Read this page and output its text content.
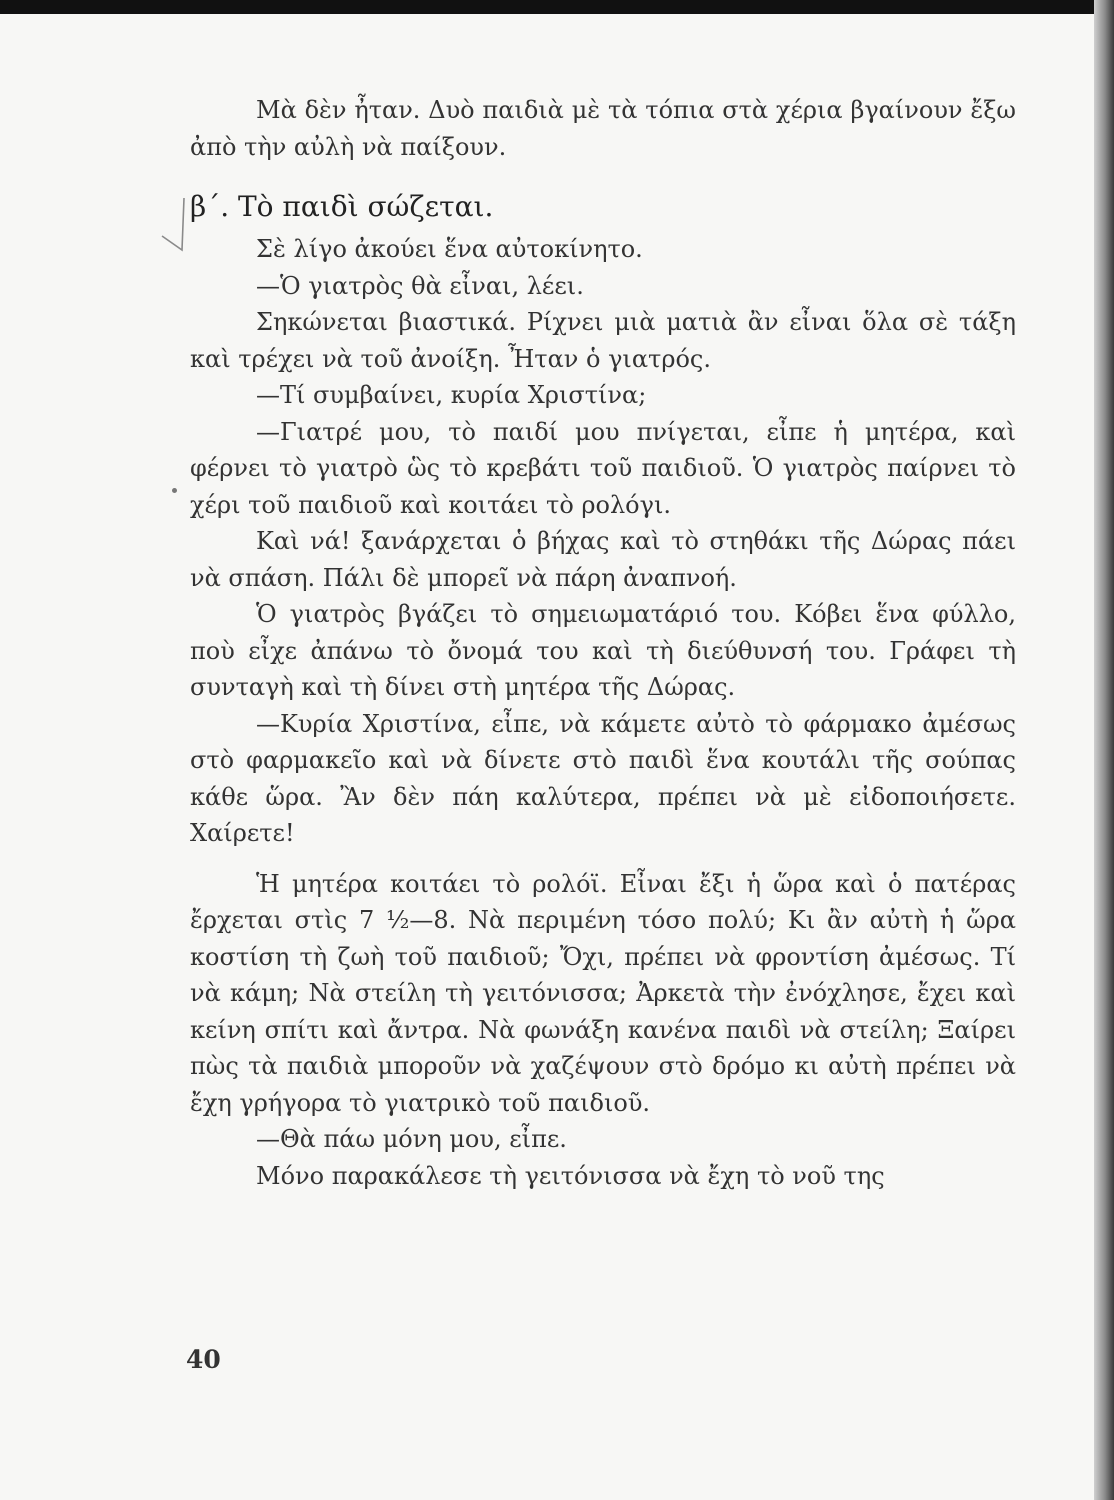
Μὰ δὲν ἦταν. Δυὸ παιδιὰ μὲ τὰ τόπια στὰ χέρια βγαίνουν ἔξω ἀπὸ τὴν αὐλὴ νὰ παίξουν.

β΄. Τὸ παιδὶ σώζεται.

Σὲ λίγο ἀκούει ἕνα αὐτοκίνητο.

—Ὁ γιατρὸς θὰ εἶναι, λέει.

Σηκώνεται βιαστικά. Ρίχνει μιὰ ματιὰ ἂν εἶναι ὅλα σὲ τάξη καὶ τρέχει νὰ τοῦ ἀνοίξη. Ἦταν ὁ γιατρός.

—Τί συμβαίνει, κυρία Χριστίνα;

—Γιατρέ μου, τὸ παιδί μου πνίγεται, εἶπε ἡ μητέρα, καὶ φέρνει τὸ γιατρὸ ὣς τὸ κρεβάτι τοῦ παιδιοῦ. Ὁ γιατρὸς παίρνει τὸ χέρι τοῦ παιδιοῦ καὶ κοιτάει τὸ ρολόγι.

Καὶ νά! ξανάρχεται ὁ βήχας καὶ τὸ στηθάκι τῆς Δώρας πάει νὰ σπάση. Πάλι δὲ μπορεῖ νὰ πάρη ἀναπνοή.

Ὁ γιατρὸς βγάζει τὸ σημειωματάριό του. Κόβει ἕνα φύλλο, ποὺ εἶχε ἀπάνω τὸ ὄνομά του καὶ τὴ διεύθυνσή του. Γράφει τὴ συνταγὴ καὶ τὴ δίνει στὴ μητέρα τῆς Δώρας.

—Κυρία Χριστίνα, εἶπε, νὰ κάμετε αὐτὸ τὸ φάρμακο ἀμέσως στὸ φαρμακεῖο καὶ νὰ δίνετε στὸ παιδὶ ἕνα κουτάλι τῆς σούπας κάθε ὥρα. Ἂν δὲν πάη καλύτερα, πρέπει νὰ μὲ εἰδοποιήσετε. Χαίρετε!

Ἡ μητέρα κοιτάει τὸ ρολόϊ. Εἶναι ἔξι ἡ ὥρα καὶ ὁ πατέρας ἔρχεται στὶς 7 ½—8. Νὰ περιμένη τόσο πολύ; Κι ἂν αὐτὴ ἡ ὥρα κοστίση τὴ ζωὴ τοῦ παιδιοῦ; Ὄχι, πρέπει νὰ φροντίση ἀμέσως. Τί νὰ κάμη; Νὰ στείλη τὴ γειτόνισσα; Ἀρκετὰ τὴν ἐνόχλησε, ἔχει καὶ κείνη σπίτι καὶ ἄντρα. Νὰ φωνάξη κανένα παιδὶ νὰ στείλη; Ξαίρει πὼς τὰ παιδιὰ μποροῦν νὰ χαζέψουν στὸ δρόμο κι αὐτὴ πρέπει νὰ ἔχη γρήγορα τὸ γιατρικὸ τοῦ παιδιοῦ.

—Θὰ πάω μόνη μου, εἶπε.

Μόνο παρακάλεσε τὴ γειτόνισσα νὰ ἔχη τὸ νοῦ της

40
